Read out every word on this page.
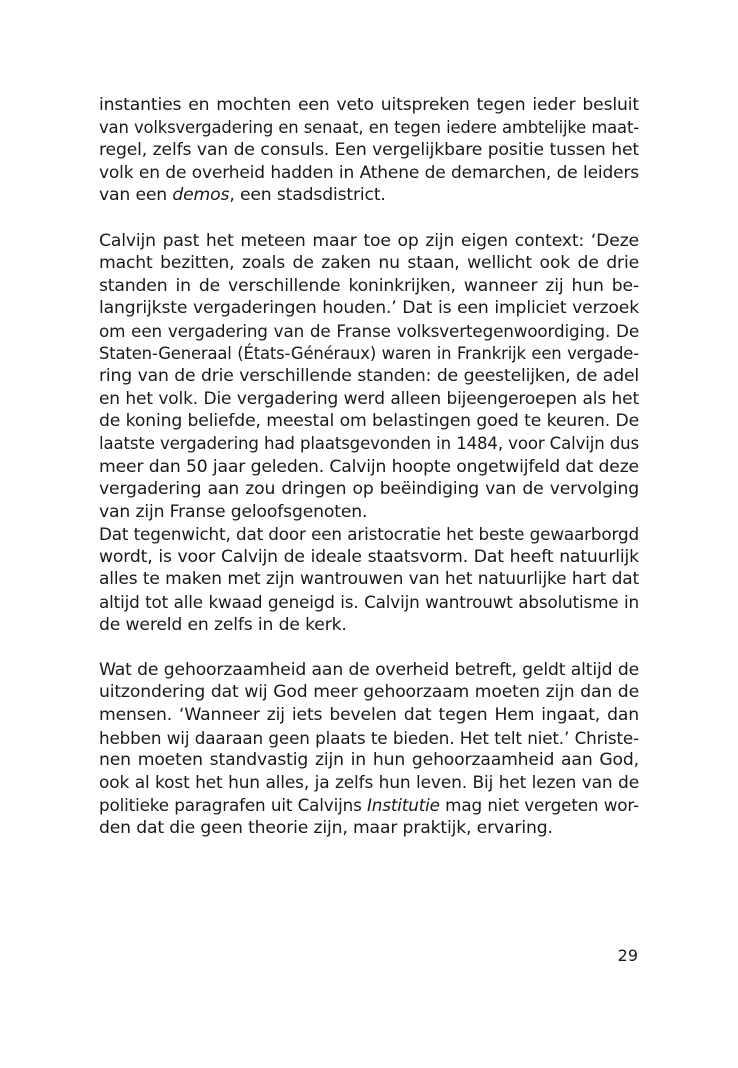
instanties en mochten een veto uitspreken tegen ieder besluit
van volksvergadering en senaat, en tegen iedere ambtelijke maat-
regel, zelfs van de consuls. Een vergelijkbare positie tussen het
volk en de overheid hadden in Athene de demarchen, de leiders
van een demos, een stadsdistrict.
Calvijn past het meteen maar toe op zijn eigen context: ‘Deze
macht bezitten, zoals de zaken nu staan, wellicht ook de drie
standen in de verschillende koninkrijken, wanneer zij hun be-
langrijkste vergaderingen houden.’ Dat is een impliciet verzoek
om een vergadering van de Franse volksvertegenwoordiging. De
Staten-Generaal (États-Généraux) waren in Frankrijk een vergade-
ring van de drie verschillende standen: de geestelijken, de adel
en het volk. Die vergadering werd alleen bijeengeroepen als het
de koning beliefde, meestal om belastingen goed te keuren. De
laatste vergadering had plaatsgevonden in 1484, voor Calvijn dus
meer dan 50 jaar geleden. Calvijn hoopte ongetwijfeld dat deze
vergadering aan zou dringen op beëindiging van de vervolging
van zijn Franse geloofsgenoten.
Dat tegenwicht, dat door een aristocratie het beste gewaarborgd
wordt, is voor Calvijn de ideale staatsvorm. Dat heeft natuurlijk
alles te maken met zijn wantrouwen van het natuurlijke hart dat
altijd tot alle kwaad geneigd is. Calvijn wantrouwt absolutisme in
de wereld en zelfs in de kerk.
Wat de gehoorzaamheid aan de overheid betreft, geldt altijd de
uitzondering dat wij God meer gehoorzaam moeten zijn dan de
mensen. ‘Wanneer zij iets bevelen dat tegen Hem ingaat, dan
hebben wij daaraan geen plaats te bieden. Het telt niet.’ Christe-
nen moeten standvastig zijn in hun gehoorzaamheid aan God,
ook al kost het hun alles, ja zelfs hun leven. Bij het lezen van de
politieke paragrafen uit Calvijns Institutie mag niet vergeten wor-
den dat die geen theorie zijn, maar praktijk, ervaring.
29
